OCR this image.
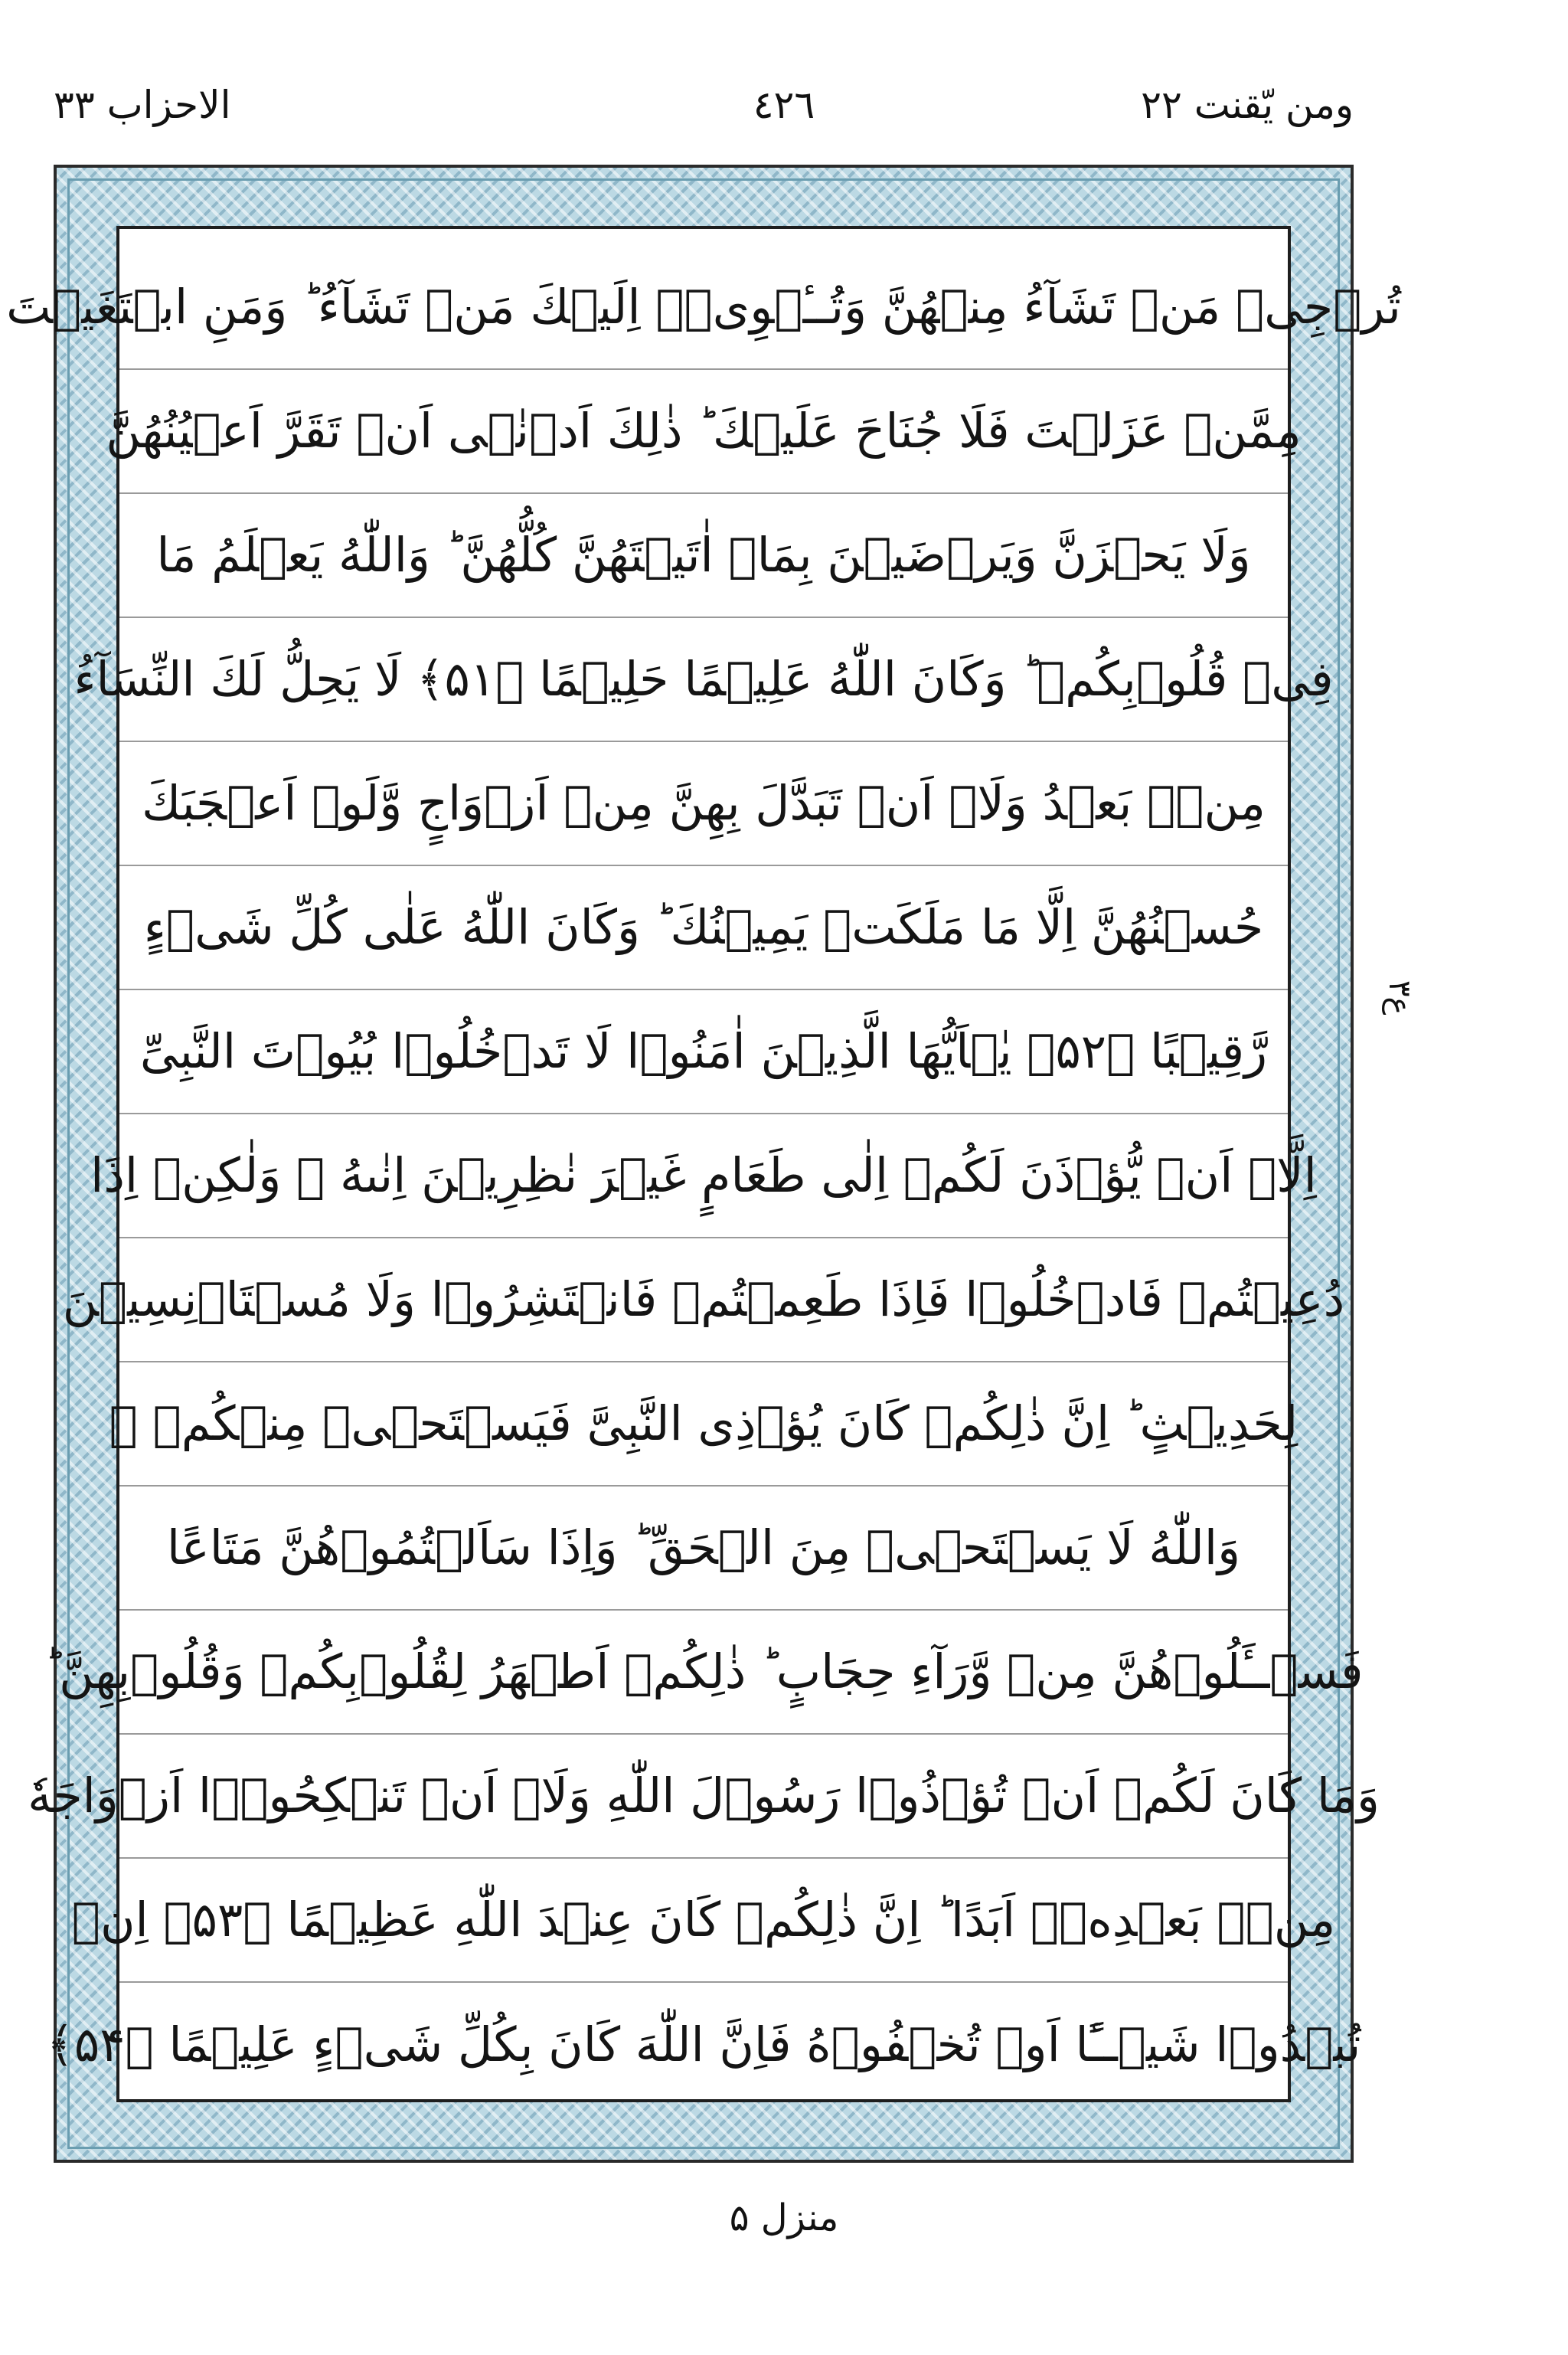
الاحزاب ٣٣	٤٢٦	ومن يّقنت ٢٢
تُرۡجِیۡ مَنۡ تَشَآءُ مِنۡهُنَّ وَتُــٔۡوِیۡۤ اِلَیۡكَ مَنۡ تَشَآءُ ؕ وَمَنِ ابۡتَغَیۡتَ
مِمَّنۡ عَزَلۡتَ فَلَا جُنَاحَ عَلَیۡكَ ؕ ذٰلِكَ اَدۡنٰۤی اَنۡ تَقَرَّ اَعۡیُنُهُنَّ
وَلَا یَحۡزَنَّ وَیَرۡضَیۡنَ بِمَاۤ اٰتَیۡتَهُنَّ كُلُّهُنَّ ؕ وَاللّٰهُ یَعۡلَمُ مَا
فِیۡ قُلُوۡبِكُمۡ ؕ وَكَانَ اللّٰهُ عَلِیۡمًا حَلِیۡمًا ﴿۵۱﴾ لَا یَحِلُّ لَكَ النِّسَآءُ
مِنۡۢ بَعۡدُ وَلَاۤ اَنۡ تَبَدَّلَ بِهِنَّ مِنۡ اَزۡوَاجٍ وَّلَوۡ اَعۡجَبَكَ
حُسۡنُهُنَّ اِلَّا مَا مَلَكَتۡ یَمِیۡنُكَ ؕ وَكَانَ اللّٰهُ عَلٰی كُلِّ شَیۡءٍ
رَّقِیۡبًا ﴿۵۲﴾ یٰۤاَیُّهَا الَّذِیۡنَ اٰمَنُوۡا لَا تَدۡخُلُوۡا بُیُوۡتَ النَّبِیِّ
اِلَّاۤ اَنۡ یُّؤۡذَنَ لَكُمۡ اِلٰی طَعَامٍ غَیۡرَ نٰظِرِیۡنَ اِنٰىهُ ۙ وَلٰكِنۡ اِذَا
دُعِیۡتُمۡ فَادۡخُلُوۡا فَاِذَا طَعِمۡتُمۡ فَانۡتَشِرُوۡا وَلَا مُسۡتَاۡنِسِیۡنَ
لِحَدِیۡثٍ ؕ اِنَّ ذٰلِكُمۡ كَانَ یُؤۡذِی النَّبِیَّ فَیَسۡتَحۡیٖ مِنۡكُمۡ ۫
وَاللّٰهُ لَا یَسۡتَحۡیٖ مِنَ الۡحَقِّ ؕ وَاِذَا سَاَلۡتُمُوۡهُنَّ مَتَاعًا
فَسۡــَٔلُوۡهُنَّ مِنۡ وَّرَآءِ حِجَابٍ ؕ ذٰلِكُمۡ اَطۡهَرُ لِقُلُوۡبِكُمۡ وَقُلُوۡبِهِنَّ ؕ
وَمَا كَانَ لَكُمۡ اَنۡ تُؤۡذُوۡا رَسُوۡلَ اللّٰهِ وَلَاۤ اَنۡ تَنۡكِحُوۡۤا اَزۡوَاجَهٗ
مِنۡۢ بَعۡدِهٖۤ اَبَدًا ؕ اِنَّ ذٰلِكُمۡ كَانَ عِنۡدَ اللّٰهِ عَظِیۡمًا ﴿۵۳﴾ اِنۡ
تُبۡدُوۡا شَیۡــًٔا اَوۡ تُخۡفُوۡهُ فَاِنَّ اللّٰهَ كَانَ بِكُلِّ شَیۡءٍ عَلِیۡمًا ﴿۵۴﴾
ع٣
منزل ۵
